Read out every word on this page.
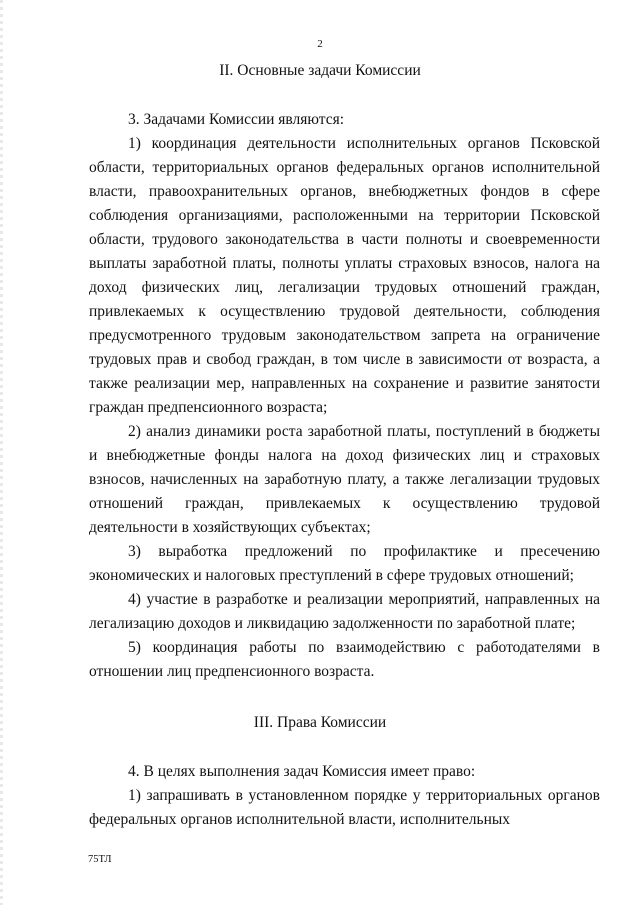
2
II. Основные задачи Комиссии

3. Задачами Комиссии являются:

1) координация деятельности исполнительных органов Псковской области, территориальных органов федеральных органов исполнительной власти, правоохранительных органов, внебюджетных фондов в сфере соблюдения организациями, расположенными на территории Псковской области, трудового законодательства в части полноты и своевременности выплаты заработной платы, полноты уплаты страховых взносов, налога на доход физических лиц, легализации трудовых отношений граждан, привлекаемых к осуществлению трудовой деятельности, соблюдения предусмотренного трудовым законодательством запрета на ограничение трудовых прав и свобод граждан, в том числе в зависимости от возраста, а также реализации мер, направленных на сохранение и развитие занятости граждан предпенсионного возраста;

2) анализ динамики роста заработной платы, поступлений в бюджеты и внебюджетные фонды налога на доход физических лиц и страховых взносов, начисленных на заработную плату, а также легализации трудовых отношений граждан, привлекаемых к осуществлению трудовой деятельности в хозяйствующих субъектах;

3) выработка предложений по профилактике и пресечению экономических и налоговых преступлений в сфере трудовых отношений;

4) участие в разработке и реализации мероприятий, направленных на легализацию доходов и ликвидацию задолженности по заработной плате;

5) координация работы по взаимодействию с работодателями в отношении лиц предпенсионного возраста.

III. Права Комиссии

4. В целях выполнения задач Комиссия имеет право:

1) запрашивать в установленном порядке у территориальных органов федеральных органов исполнительной власти, исполнительных

75ТЛ
